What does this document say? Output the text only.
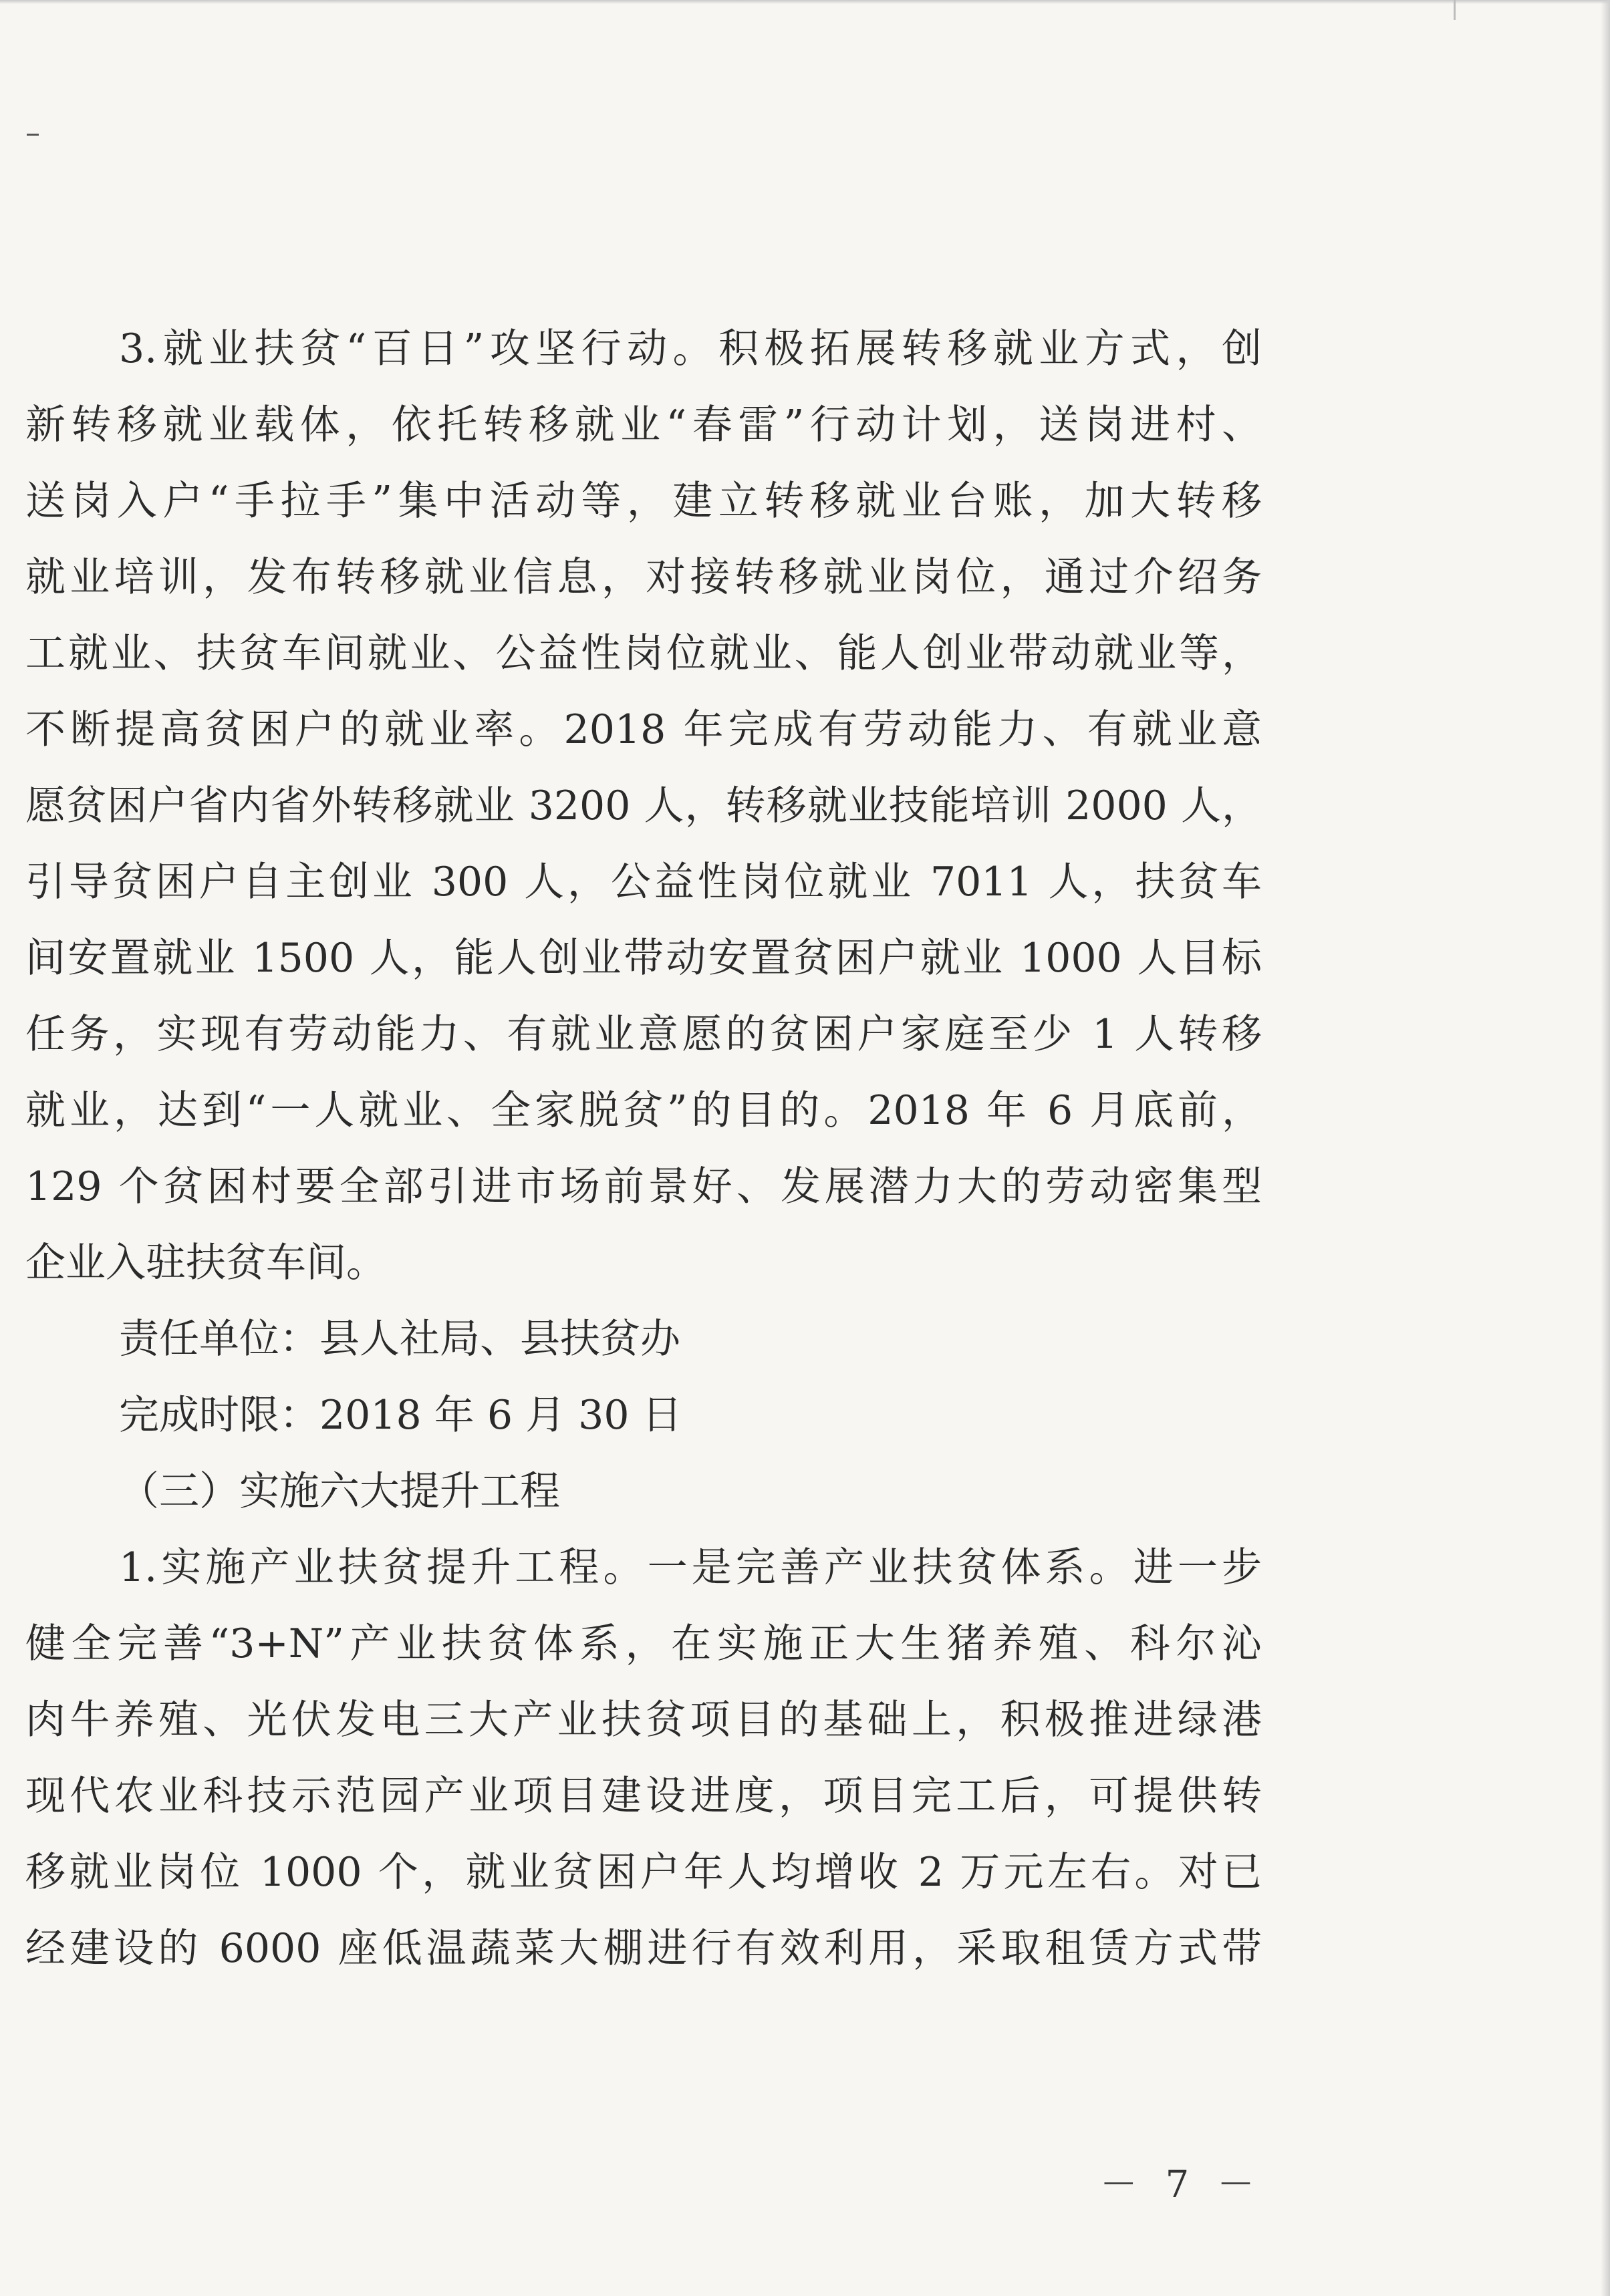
3.就业扶贫“百日”攻坚行动。积极拓展转移就业方式，创
新转移就业载体，依托转移就业“春雷”行动计划，送岗进村、
送岗入户“手拉手”集中活动等，建立转移就业台账，加大转移
就业培训，发布转移就业信息，对接转移就业岗位，通过介绍务
工就业、扶贫车间就业、公益性岗位就业、能人创业带动就业等，
不断提高贫困户的就业率。2018 年完成有劳动能力、有就业意
愿贫困户省内省外转移就业 3200 人，转移就业技能培训 2000 人，
引导贫困户自主创业 300 人，公益性岗位就业 7011 人，扶贫车
间安置就业 1500 人，能人创业带动安置贫困户就业 1000 人目标
任务，实现有劳动能力、有就业意愿的贫困户家庭至少 1 人转移
就业，达到“一人就业、全家脱贫”的目的。2018 年 6 月底前，
129 个贫困村要全部引进市场前景好、发展潜力大的劳动密集型
企业入驻扶贫车间。
责任单位：县人社局、县扶贫办
完成时限：2018 年 6 月 30 日
（三）实施六大提升工程
1.实施产业扶贫提升工程。一是完善产业扶贫体系。进一步
健全完善“3+N”产业扶贫体系，在实施正大生猪养殖、科尔沁
肉牛养殖、光伏发电三大产业扶贫项目的基础上，积极推进绿港
现代农业科技示范园产业项目建设进度，项目完工后，可提供转
移就业岗位 1000 个，就业贫困户年人均增收 2 万元左右。对已
经建设的 6000 座低温蔬菜大棚进行有效利用，采取租赁方式带
－ 7 －
